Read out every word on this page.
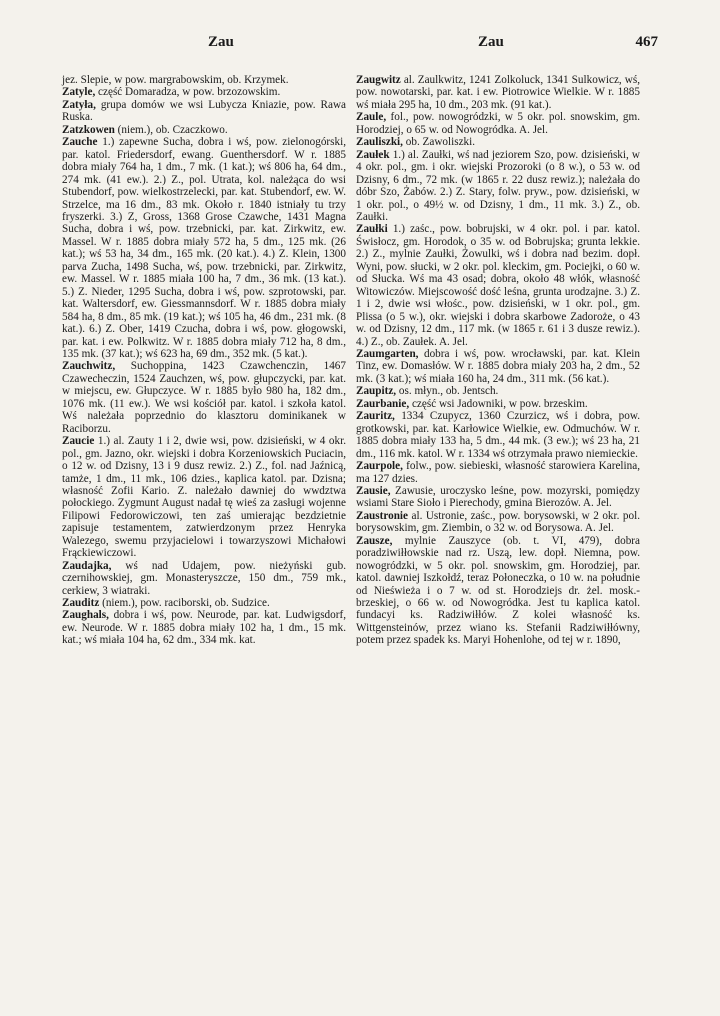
Zau	Zau	467

jez. Slepie, w pow. margrabowskim, ob. Krzymek.

Zatyle, część Domaradza, w pow. brzozowskim.

Zatyła, grupa domów we wsi Lubycza Kniazie, pow. Rawa Ruska.

Zatzkowen (niem.), ob. Czaczkowo.

Zauche 1.) zapewne Sucha, dobra i wś, pow. zielonogórski, par. katol. Friedersdorf, ewang. Guenthersdorf. W r. 1885 dobra miały 764 ha, 1 dm., 7 mk. (1 kat.); wś 806 ha, 64 dm., 274 mk. (41 ew.). 2.) Z., pol. Utrata, kol. należąca do wsi Stubendorf, pow. wielkostrzelecki, par. kat. Stubendorf, ew. W. Strzelce, ma 16 dm., 83 mk. Około r. 1840 istniały tu trzy fryszerki. 3.) Z, Gross, 1368 Grose Czawche, 1431 Magna Sucha, dobra i wś, pow. trzebnicki, par. kat. Zirkwitz, ew. Massel. W r. 1885 dobra miały 572 ha, 5 dm., 125 mk. (26 kat.); wś 53 ha, 34 dm., 165 mk. (20 kat.). 4.) Z. Klein, 1300 parva Zucha, 1498 Sucha, wś, pow. trzebnicki, par. Zirkwitz, ew. Massel. W r. 1885 miała 100 ha, 7 dm., 36 mk. (13 kat.). 5.) Z. Nieder, 1295 Sucha, dobra i wś, pow. szprotowski, par. kat. Waltersdorf, ew. Giessmannsdorf. W r. 1885 dobra miały 584 ha, 8 dm., 85 mk. (19 kat.); wś 105 ha, 46 dm., 231 mk. (8 kat.). 6.) Z. Ober, 1419 Czucha, dobra i wś, pow. głogowski, par. kat. i ew. Polkwitz. W r. 1885 dobra miały 712 ha, 8 dm., 135 mk. (37 kat.); wś 623 ha, 69 dm., 352 mk. (5 kat.).

Zauchwitz, Suchoppina, 1423 Czawchenczin, 1467 Czawecheczin, 1524 Zauchzen, wś, pow. głupczycki, par. kat. w miejscu, ew. Głupczyce. W r. 1885 było 980 ha, 182 dm., 1076 mk. (11 ew.). We wsi kościół par. katol. i szkoła katol. Wś należała poprzednio do klasztoru dominikanek w Raciborzu.

Zaucie 1.) al. Zauty 1 i 2, dwie wsi, pow. dzisieński, w 4 okr. pol., gm. Jazno, okr. wiejski i dobra Korzeniowskich Puciacin, o 12 w. od Dzisny, 13 i 9 dusz rewiz. 2.) Z., fol. nad Jaźnicą, tamże, 1 dm., 11 mk., 106 dzies., kaplica katol. par. Dzisna; własność Zofii Kario. Z. należało dawniej do wwdztwa połockiego. Zygmunt August nadał tę wieś za zasługi wojenne Filipowi Fedorowiczowi, ten zaś umierając bezdzietnie zapisuje testamentem, zatwierdzonym przez Henryka Walezego, swemu przyjacielowi i towarzyszowi Michałowi Frąckiewiczowi.

Zaudajka, wś nad Udajem, pow. nieżyński gub. czernihowskiej, gm. Monasteryszcze, 150 dm., 759 mk., cerkiew, 3 wiatraki.

Zauditz (niem.), pow. raciborski, ob. Sudzice.

Zaughals, dobra i wś, pow. Neurode, par. kat. Ludwigsdorf, ew. Neurode. W r. 1885 dobra miały 102 ha, 1 dm., 15 mk. kat.; wś miała 104 ha, 62 dm., 334 mk. kat.

Zaugwitz al. Zaulkwitz, 1241 Zolkoluck, 1341 Sulkowicz, wś, pow. nowotarski, par. kat. i ew. Piotrowice Wielkie. W r. 1885 wś miała 295 ha, 10 dm., 203 mk. (91 kat.).

Zaule, fol., pow. nowogródzki, w 5 okr. pol. snowskim, gm. Horodziej, o 65 w. od Nowogródka. A. Jel.

Zauliszki, ob. Zawoliszki.

Zaułek 1.) al. Zaułki, wś nad jeziorem Szo, pow. dzisieński, w 4 okr. pol., gm. i okr. wiejski Prozoroki (o 8 w.), o 53 w. od Dzisny, 6 dm., 72 mk. (w 1865 r. 22 dusz rewiz.); należała do dóbr Szo, Żabów. 2.) Z. Stary, folw. pryw., pow. dzisieński, w 1 okr. pol., o 49½ w. od Dzisny, 1 dm., 11 mk. 3.) Z., ob. Zaułki.

Zaułki 1.) zaśc., pow. bobrujski, w 4 okr. pol. i par. katol. Świsłocz, gm. Horodok, o 35 w. od Bobrujska; grunta lekkie. 2.) Z., mylnie Zaułki, Żowulki, wś i dobra nad bezim. dopł. Wyni, pow. słucki, w 2 okr. pol. kleckim, gm. Pociejki, o 60 w. od Słucka. Wś ma 43 osad; dobra, około 48 włók, własność Witowiczów. Miejscowość dość leśna, grunta urodzajne. 3.) Z. 1 i 2, dwie wsi włośc., pow. dzisieński, w 1 okr. pol., gm. Plissa (o 5 w.), okr. wiejski i dobra skarbowe Zadoroże, o 43 w. od Dzisny, 12 dm., 117 mk. (w 1865 r. 61 i 3 dusze rewiz.). 4.) Z., ob. Zaułek. A. Jel.

Zaumgarten, dobra i wś, pow. wrocławski, par. kat. Klein Tinz, ew. Domasłów. W r. 1885 dobra miały 203 ha, 2 dm., 52 mk. (3 kat.); wś miała 160 ha, 24 dm., 311 mk. (56 kat.).

Zaupitz, os. młyn., ob. Jentsch.

Zaurbanie, część wsi Jadowniki, w pow. brzeskim.

Zauritz, 1334 Czupycz, 1360 Czurzicz, wś i dobra, pow. grotkowski, par. kat. Karłowice Wielkie, ew. Odmuchów. W r. 1885 dobra miały 133 ha, 5 dm., 44 mk. (3 ew.); wś 23 ha, 21 dm., 116 mk. katol. W r. 1334 wś otrzymała prawo niemieckie.

Zaurpole, folw., pow. siebieski, własność starowiera Karelina, ma 127 dzies.

Zausie, Zawusie, uroczysko leśne, pow. mozyrski, pomiędzy wsiami Stare Sioło i Pierechody, gmina Bierozów. A. Jel.

Zaustronie al. Ustronie, zaśc., pow. borysowski, w 2 okr. pol. borysowskim, gm. Ziembin, o 32 w. od Borysowa. A. Jel.

Zausze, mylnie Zauszyce (ob. t. VI, 479), dobra poradziwiłłowskie nad rz. Uszą, lew. dopł. Niemna, pow. nowogródzki, w 5 okr. pol. snowskim, gm. Horodziej, par. katol. dawniej Iszkołdź, teraz Połoneczka, o 10 w. na południe od Nieświeża i o 7 w. od st. Horodziejs dr. żel. mosk.-brzeskiej, o 66 w. od Nowogródka. Jest tu kaplica katol. fundacyi ks. Radziwiłłów. Z kolei własność ks. Wittgensteinów, przez wiano ks. Stefanii Radziwiłłówny, potem przez spadek ks. Maryi Hohenlohe, od tej w r. 1890,
